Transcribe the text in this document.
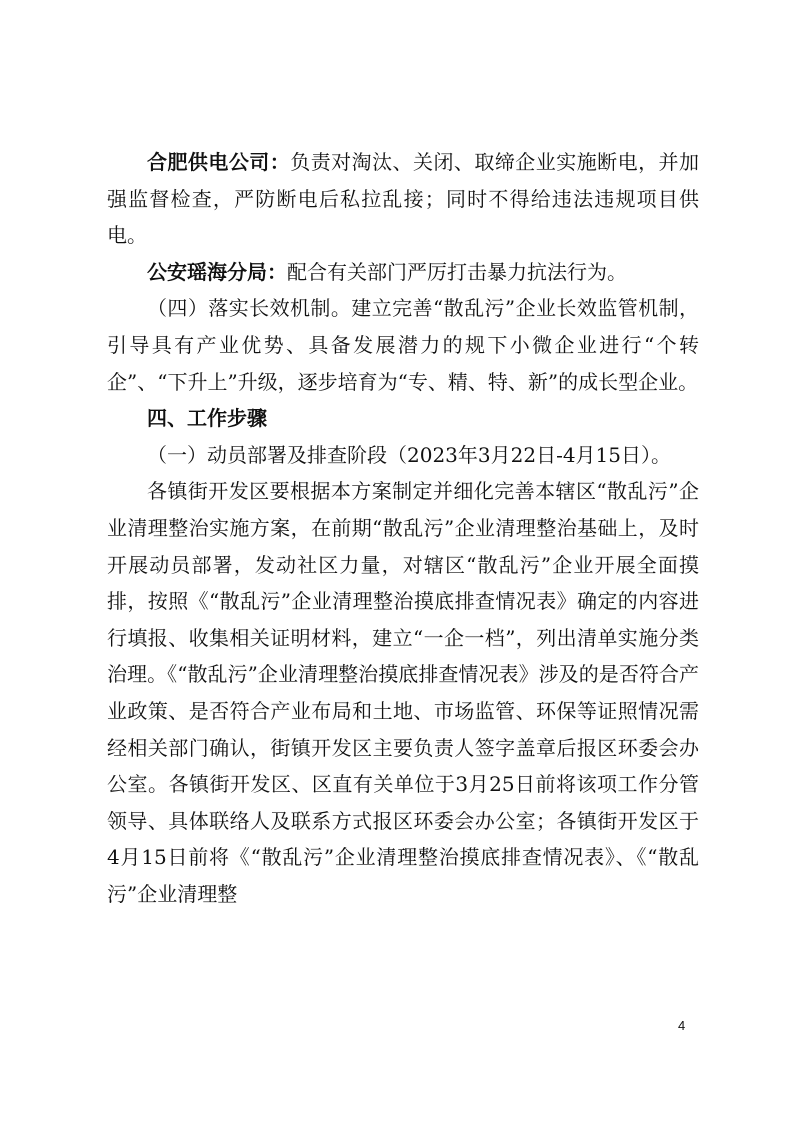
合肥供电公司：负责对淘汰、关闭、取缔企业实施断电，并加强监督检查，严防断电后私拉乱接；同时不得给违法违规项目供电。

公安瑶海分局：配合有关部门严厉打击暴力抗法行为。

（四）落实长效机制。建立完善“散乱污”企业长效监管机制，引导具有产业优势、具备发展潜力的规下小微企业进行“个转企”、“下升上”升级，逐步培育为“专、精、特、新”的成长型企业。

四、工作步骤

（一）动员部署及排查阶段（2023年3月22日-4月15日）。

各镇街开发区要根据本方案制定并细化完善本辖区“散乱污”企业清理整治实施方案，在前期“散乱污”企业清理整治基础上，及时开展动员部署，发动社区力量，对辖区“散乱污”企业开展全面摸排，按照《“散乱污”企业清理整治摸底排查情况表》确定的内容进行填报、收集相关证明材料，建立“一企一档”，列出清单实施分类治理。《“散乱污”企业清理整治摸底排查情况表》涉及的是否符合产业政策、是否符合产业布局和土地、市场监管、环保等证照情况需经相关部门确认，街镇开发区主要负责人签字盖章后报区环委会办公室。各镇街开发区、区直有关单位于3月25日前将该项工作分管领导、具体联络人及联系方式报区环委会办公室；各镇街开发区于4月15日前将《“散乱污”企业清理整治摸底排查情况表》、《“散乱污”企业清理整

4
